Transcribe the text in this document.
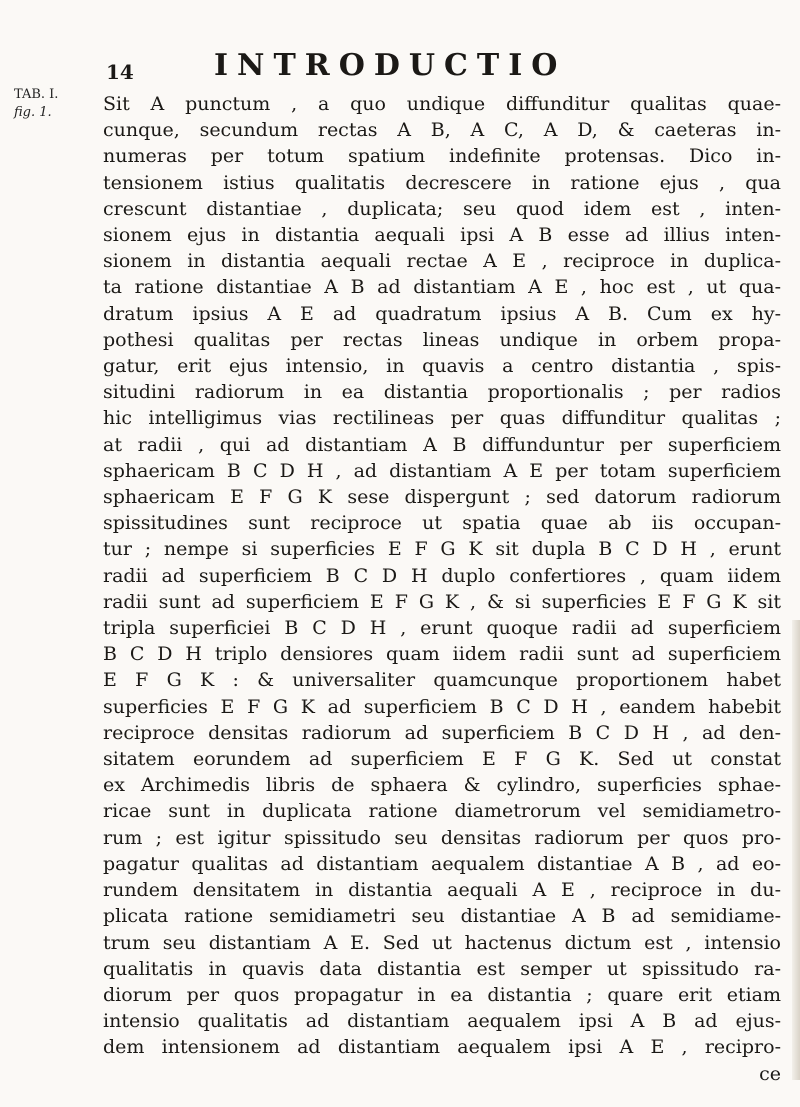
TAB. I.
fig. 1.
14	INTRODUCTIO
Sit A punctum , a quo undique diffunditur qualitas quae-
cunque, secundum rectas A B, A C, A D, & caeteras in-
numeras per totum spatium indefinite protensas. Dico in-
tensionem istius qualitatis decrescere in ratione ejus , qua
crescunt distantiae , duplicata; seu quod idem est , inten-
sionem ejus in distantia aequali ipsi A B esse ad illius inten-
sionem in distantia aequali rectae A E , reciproce in duplica-
ta ratione distantiae A B ad distantiam A E , hoc est , ut qua-
dratum ipsius A E ad quadratum ipsius A B. Cum ex hy-
pothesi qualitas per rectas lineas undique in orbem propa-
gatur, erit ejus intensio, in quavis a centro distantia , spis-
situdini radiorum in ea distantia proportionalis ; per radios
hic intelligimus vias rectilineas per quas diffunditur qualitas ;
at radii , qui ad distantiam A B diffunduntur per superficiem
sphaericam B C D H , ad distantiam A E per totam superficiem
sphaericam E F G K sese dispergunt ; sed datorum radiorum
spissitudines sunt reciproce ut spatia quae ab iis occupan-
tur ; nempe si superficies E F G K sit dupla B C D H , erunt
radii ad superficiem B C D H duplo confertiores , quam iidem
radii sunt ad superficiem E F G K , & si superficies E F G K sit
tripla superficiei B C D H , erunt quoque radii ad superficiem
B C D H triplo densiores quam iidem radii sunt ad superficiem
E F G K : & universaliter quamcunque proportionem habet
superficies E F G K ad superficiem B C D H , eandem habebit
reciproce densitas radiorum ad superficiem B C D H , ad den-
sitatem eorundem ad superficiem E F G K. Sed ut constat
ex Archimedis libris de sphaera & cylindro, superficies sphae-
ricae sunt in duplicata ratione diametrorum vel semidiametro-
rum ; est igitur spissitudo seu densitas radiorum per quos pro-
pagatur qualitas ad distantiam aequalem distantiae A B , ad eo-
rundem densitatem in distantia aequali A E , reciproce in du-
plicata ratione semidiametri seu distantiae A B ad semidiame-
trum seu distantiam A E. Sed ut hactenus dictum est , intensio
qualitatis in quavis data distantia est semper ut spissitudo ra-
diorum per quos propagatur in ea distantia ; quare erit etiam
intensio qualitatis ad distantiam aequalem ipsi A B ad ejus-
dem intensionem ad distantiam aequalem ipsi A E , recipro-
ce
